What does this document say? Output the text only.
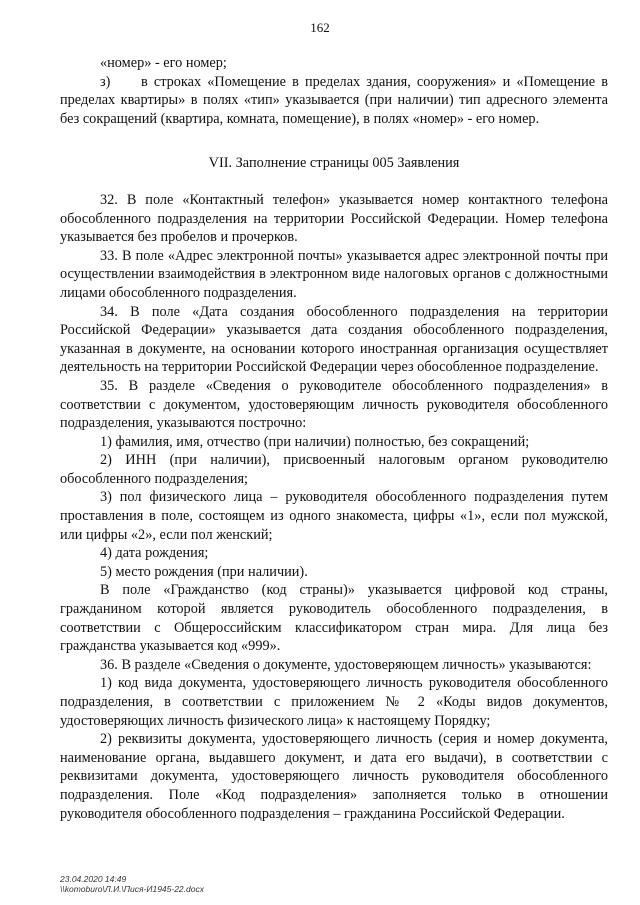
162

«номер» - его номер;

з)     в строках «Помещение в пределах здания, сооружения» и «Помещение в пределах квартиры» в полях «тип» указывается (при наличии) тип адресного элемента без сокращений (квартира, комната, помещение), в полях «номер» - его номер.

VII. Заполнение страницы 005 Заявления

32. В поле «Контактный телефон» указывается номер контактного телефона обособленного подразделения на территории Российской Федерации. Номер телефона указывается без пробелов и прочерков.

33. В поле «Адрес электронной почты» указывается адрес электронной почты при осуществлении взаимодействия в электронном виде налоговых органов с должностными лицами обособленного подразделения.

34. В поле «Дата создания обособленного подразделения на территории Российской Федерации» указывается дата создания обособленного подразделения, указанная в документе, на основании которого иностранная организация осуществляет деятельность на территории Российской Федерации через обособленное подразделение.

35. В разделе «Сведения о руководителе обособленного подразделения» в соответствии с документом, удостоверяющим личность руководителя обособленного подразделения, указываются построчно:

1) фамилия, имя, отчество (при наличии) полностью, без сокращений;

2) ИНН (при наличии), присвоенный налоговым органом руководителю обособленного подразделения;

3) пол физического лица – руководителя обособленного подразделения путем проставления в поле, состоящем из одного знакоместа, цифры «1», если пол мужской, или цифры «2», если пол женский;

4) дата рождения;

5) место рождения (при наличии).

В поле «Гражданство (код страны)» указывается цифровой код страны, гражданином которой является руководитель обособленного подразделения, в соответствии с Общероссийским классификатором стран мира. Для лица без гражданства указывается код «999».

36. В разделе «Сведения о документе, удостоверяющем личность» указываются:

1) код вида документа, удостоверяющего личность руководителя обособленного подразделения, в соответствии с приложением № 2 «Коды видов документов, удостоверяющих личность физического лица» к настоящему Порядку;

2) реквизиты документа, удостоверяющего личность (серия и номер документа, наименование органа, выдавшего документ, и дата его выдачи), в соответствии с реквизитами документа, удостоверяющего личность руководителя обособленного подразделения. Поле «Код подразделения» заполняется только в отношении руководителя обособленного подразделения – гражданина Российской Федерации.

23.04.2020 14:49
\\komoburo\Л.И.\Пися-И1945-22.docx
